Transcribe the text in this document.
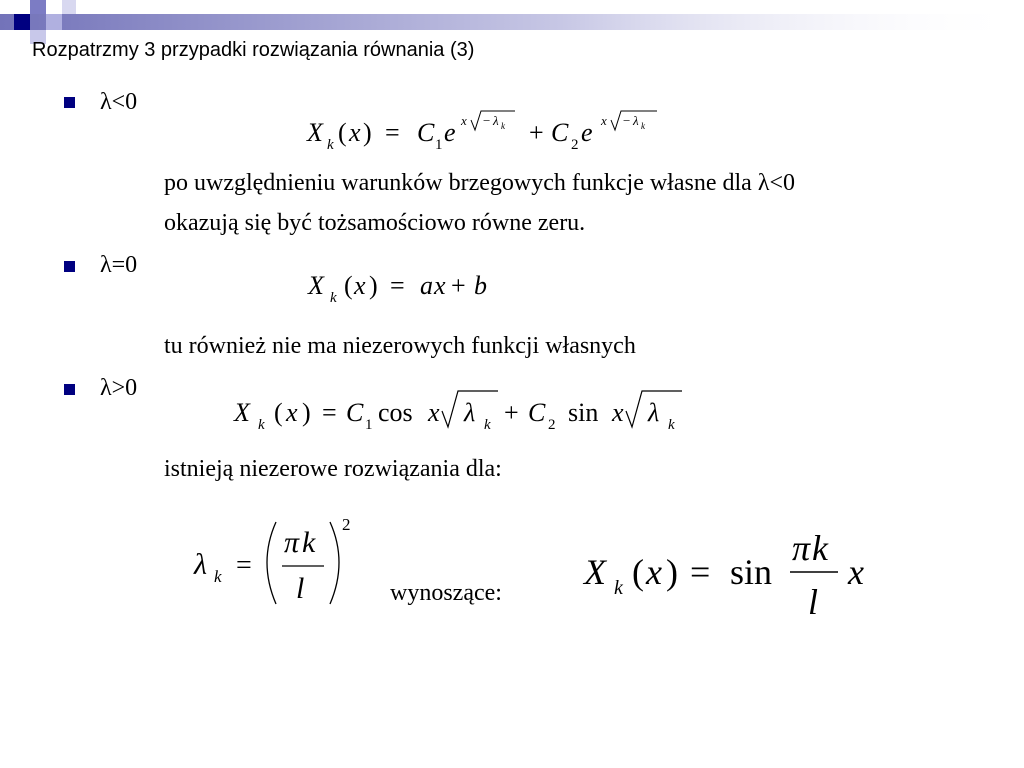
Rozpatrzmy 3 przypadki rozwiązania równania (3)
λ<0
X k ( x ) = C 1 e x − λ k + C 2 e x − λ k
po uwzględnieniu warunków brzegowych funkcje własne dla λ<0
okazują się być tożsamościowo równe zeru.
λ=0
X k ( x ) = a x + b
tu również nie ma niezerowych funkcji własnych
λ>0
X k ( x ) = C 1 cos x λ k + C 2 sin x λ k
istnieją niezerowe rozwiązania dla:
λ k =
π k
l
2
wynoszące:
X k ( x ) = sin
π k
l
x
